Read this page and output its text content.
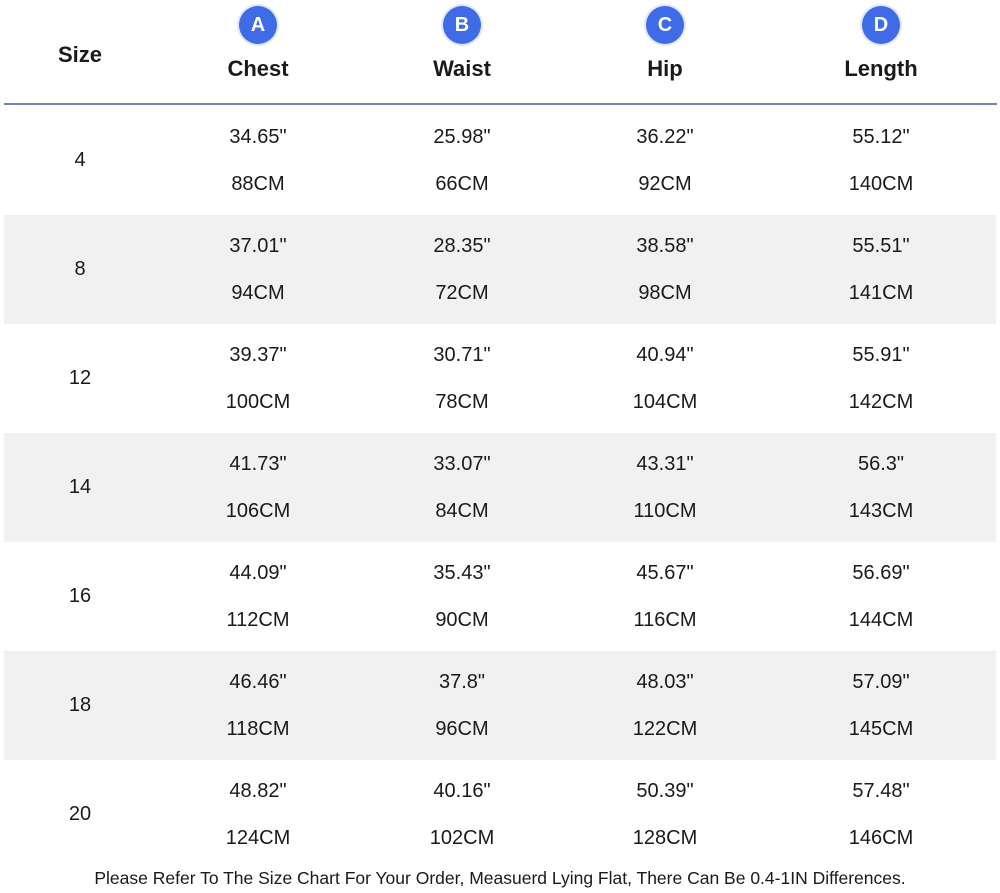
Size
A
Chest
B
Waist
C
Hip
D
Length
4
34.65"
88CM
25.98"
66CM
36.22"
92CM
55.12"
140CM
8
37.01"
94CM
28.35"
72CM
38.58"
98CM
55.51"
141CM
12
39.37"
100CM
30.71"
78CM
40.94"
104CM
55.91"
142CM
14
41.73"
106CM
33.07"
84CM
43.31"
110CM
56.3"
143CM
16
44.09"
112CM
35.43"
90CM
45.67"
116CM
56.69"
144CM
18
46.46"
118CM
37.8"
96CM
48.03"
122CM
57.09"
145CM
20
48.82"
124CM
40.16"
102CM
50.39"
128CM
57.48"
146CM
Please Refer To The Size Chart For Your Order, Measuerd Lying Flat, There Can Be 0.4-1IN Differences.
